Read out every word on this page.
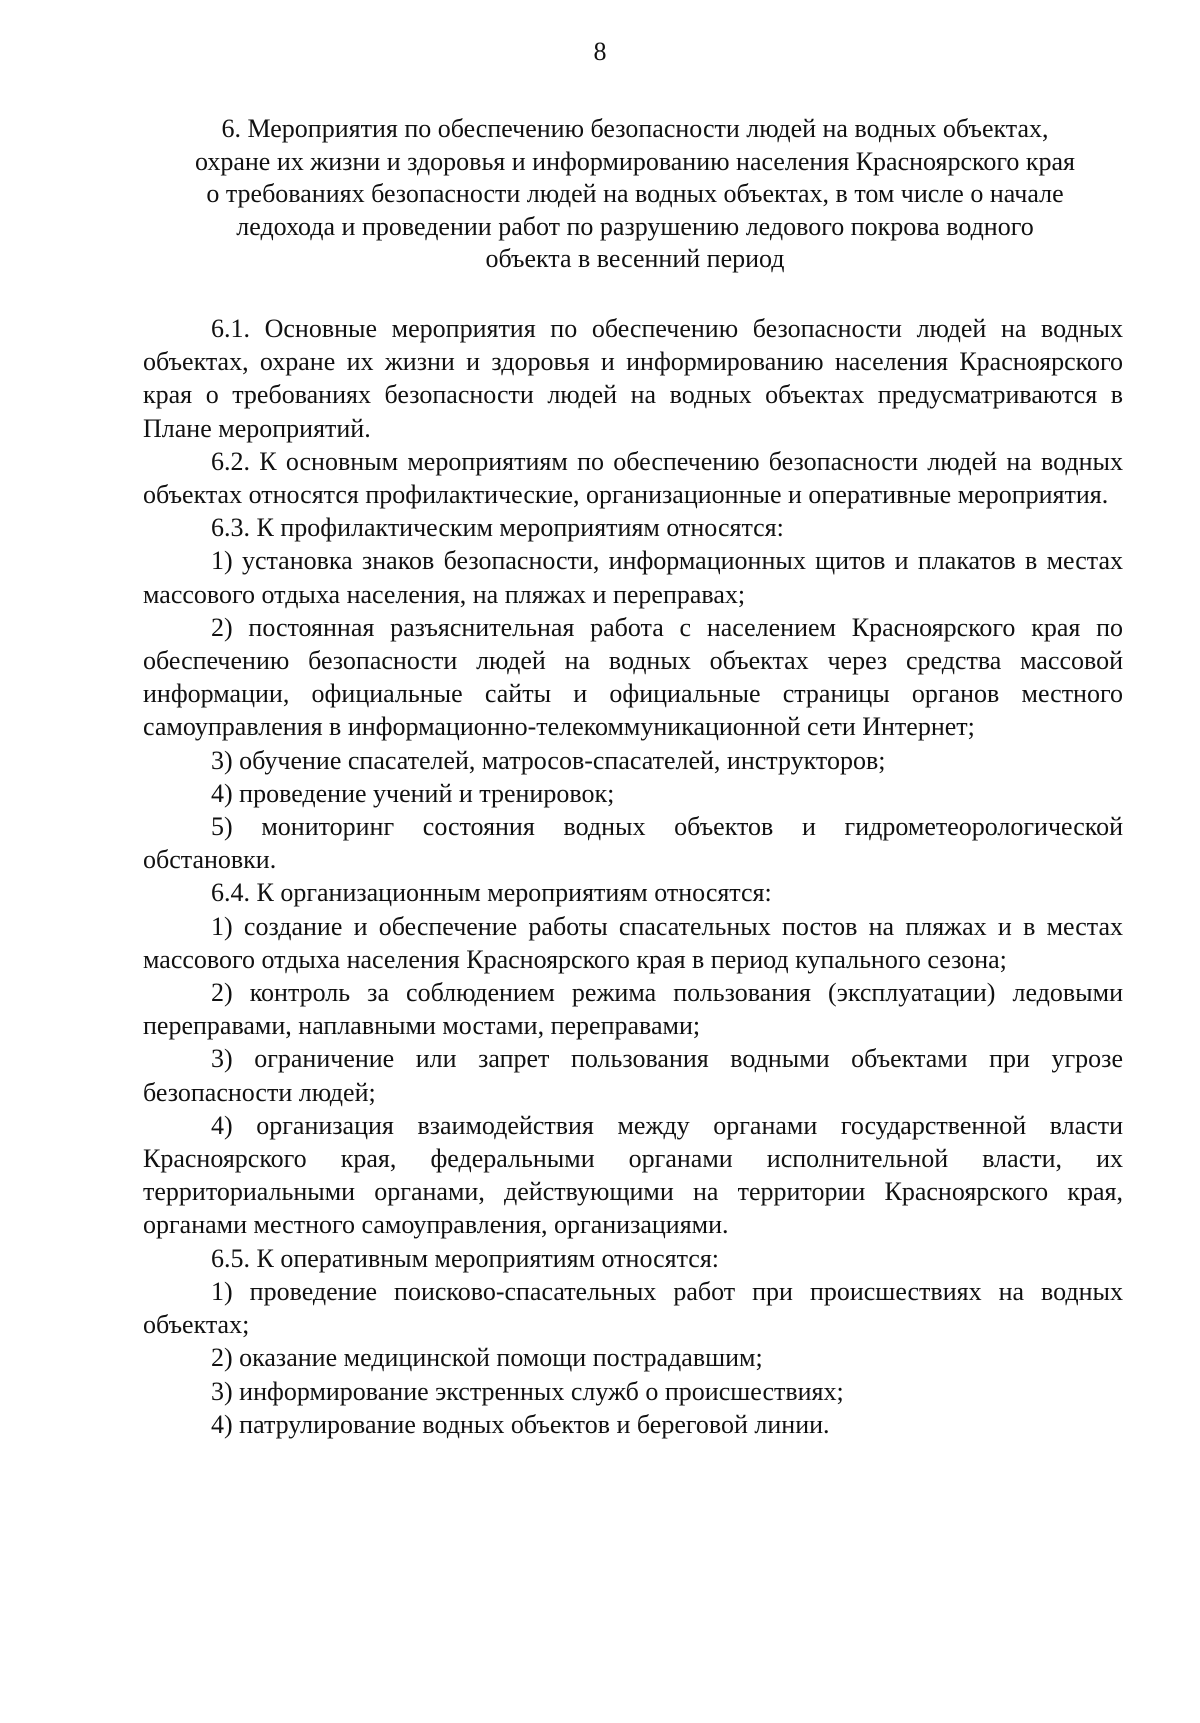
8
6. Мероприятия по обеспечению безопасности людей на водных объектах,
охране их жизни и здоровья и информированию населения Красноярского края
о требованиях безопасности людей на водных объектах, в том числе о начале
ледохода и проведении работ по разрушению ледового покрова водного
объекта в весенний период

6.1. Основные мероприятия по обеспечению безопасности людей на водных объектах, охране их жизни и здоровья и информированию населения Красноярского края о требованиях безопасности людей на водных объектах предусматриваются в Плане мероприятий.

6.2. К основным мероприятиям по обеспечению безопасности людей на водных объектах относятся профилактические, организационные и оперативные мероприятия.

6.3. К профилактическим мероприятиям относятся:

1) установка знаков безопасности, информационных щитов и плакатов в местах массового отдыха населения, на пляжах и переправах;

2) постоянная разъяснительная работа с населением Красноярского края по обеспечению безопасности людей на водных объектах через средства массовой информации, официальные сайты и официальные страницы органов местного самоуправления в информационно-телекоммуникационной сети Интернет;

3) обучение спасателей, матросов-спасателей, инструкторов;

4) проведение учений и тренировок;

5) мониторинг состояния водных объектов и гидрометеорологической обстановки.

6.4. К организационным мероприятиям относятся:

1) создание и обеспечение работы спасательных постов на пляжах и в местах массового отдыха населения Красноярского края в период купального сезона;

2) контроль за соблюдением режима пользования (эксплуатации) ледовыми переправами, наплавными мостами, переправами;

3) ограничение или запрет пользования водными объектами при угрозе безопасности людей;

4) организация взаимодействия между органами государственной власти Красноярского края, федеральными органами исполнительной власти, их территориальными органами, действующими на территории Красноярского края, органами местного самоуправления, организациями.

6.5. К оперативным мероприятиям относятся:

1) проведение поисково-спасательных работ при происшествиях на водных объектах;

2) оказание медицинской помощи пострадавшим;

3) информирование экстренных служб о происшествиях;

4) патрулирование водных объектов и береговой линии.
